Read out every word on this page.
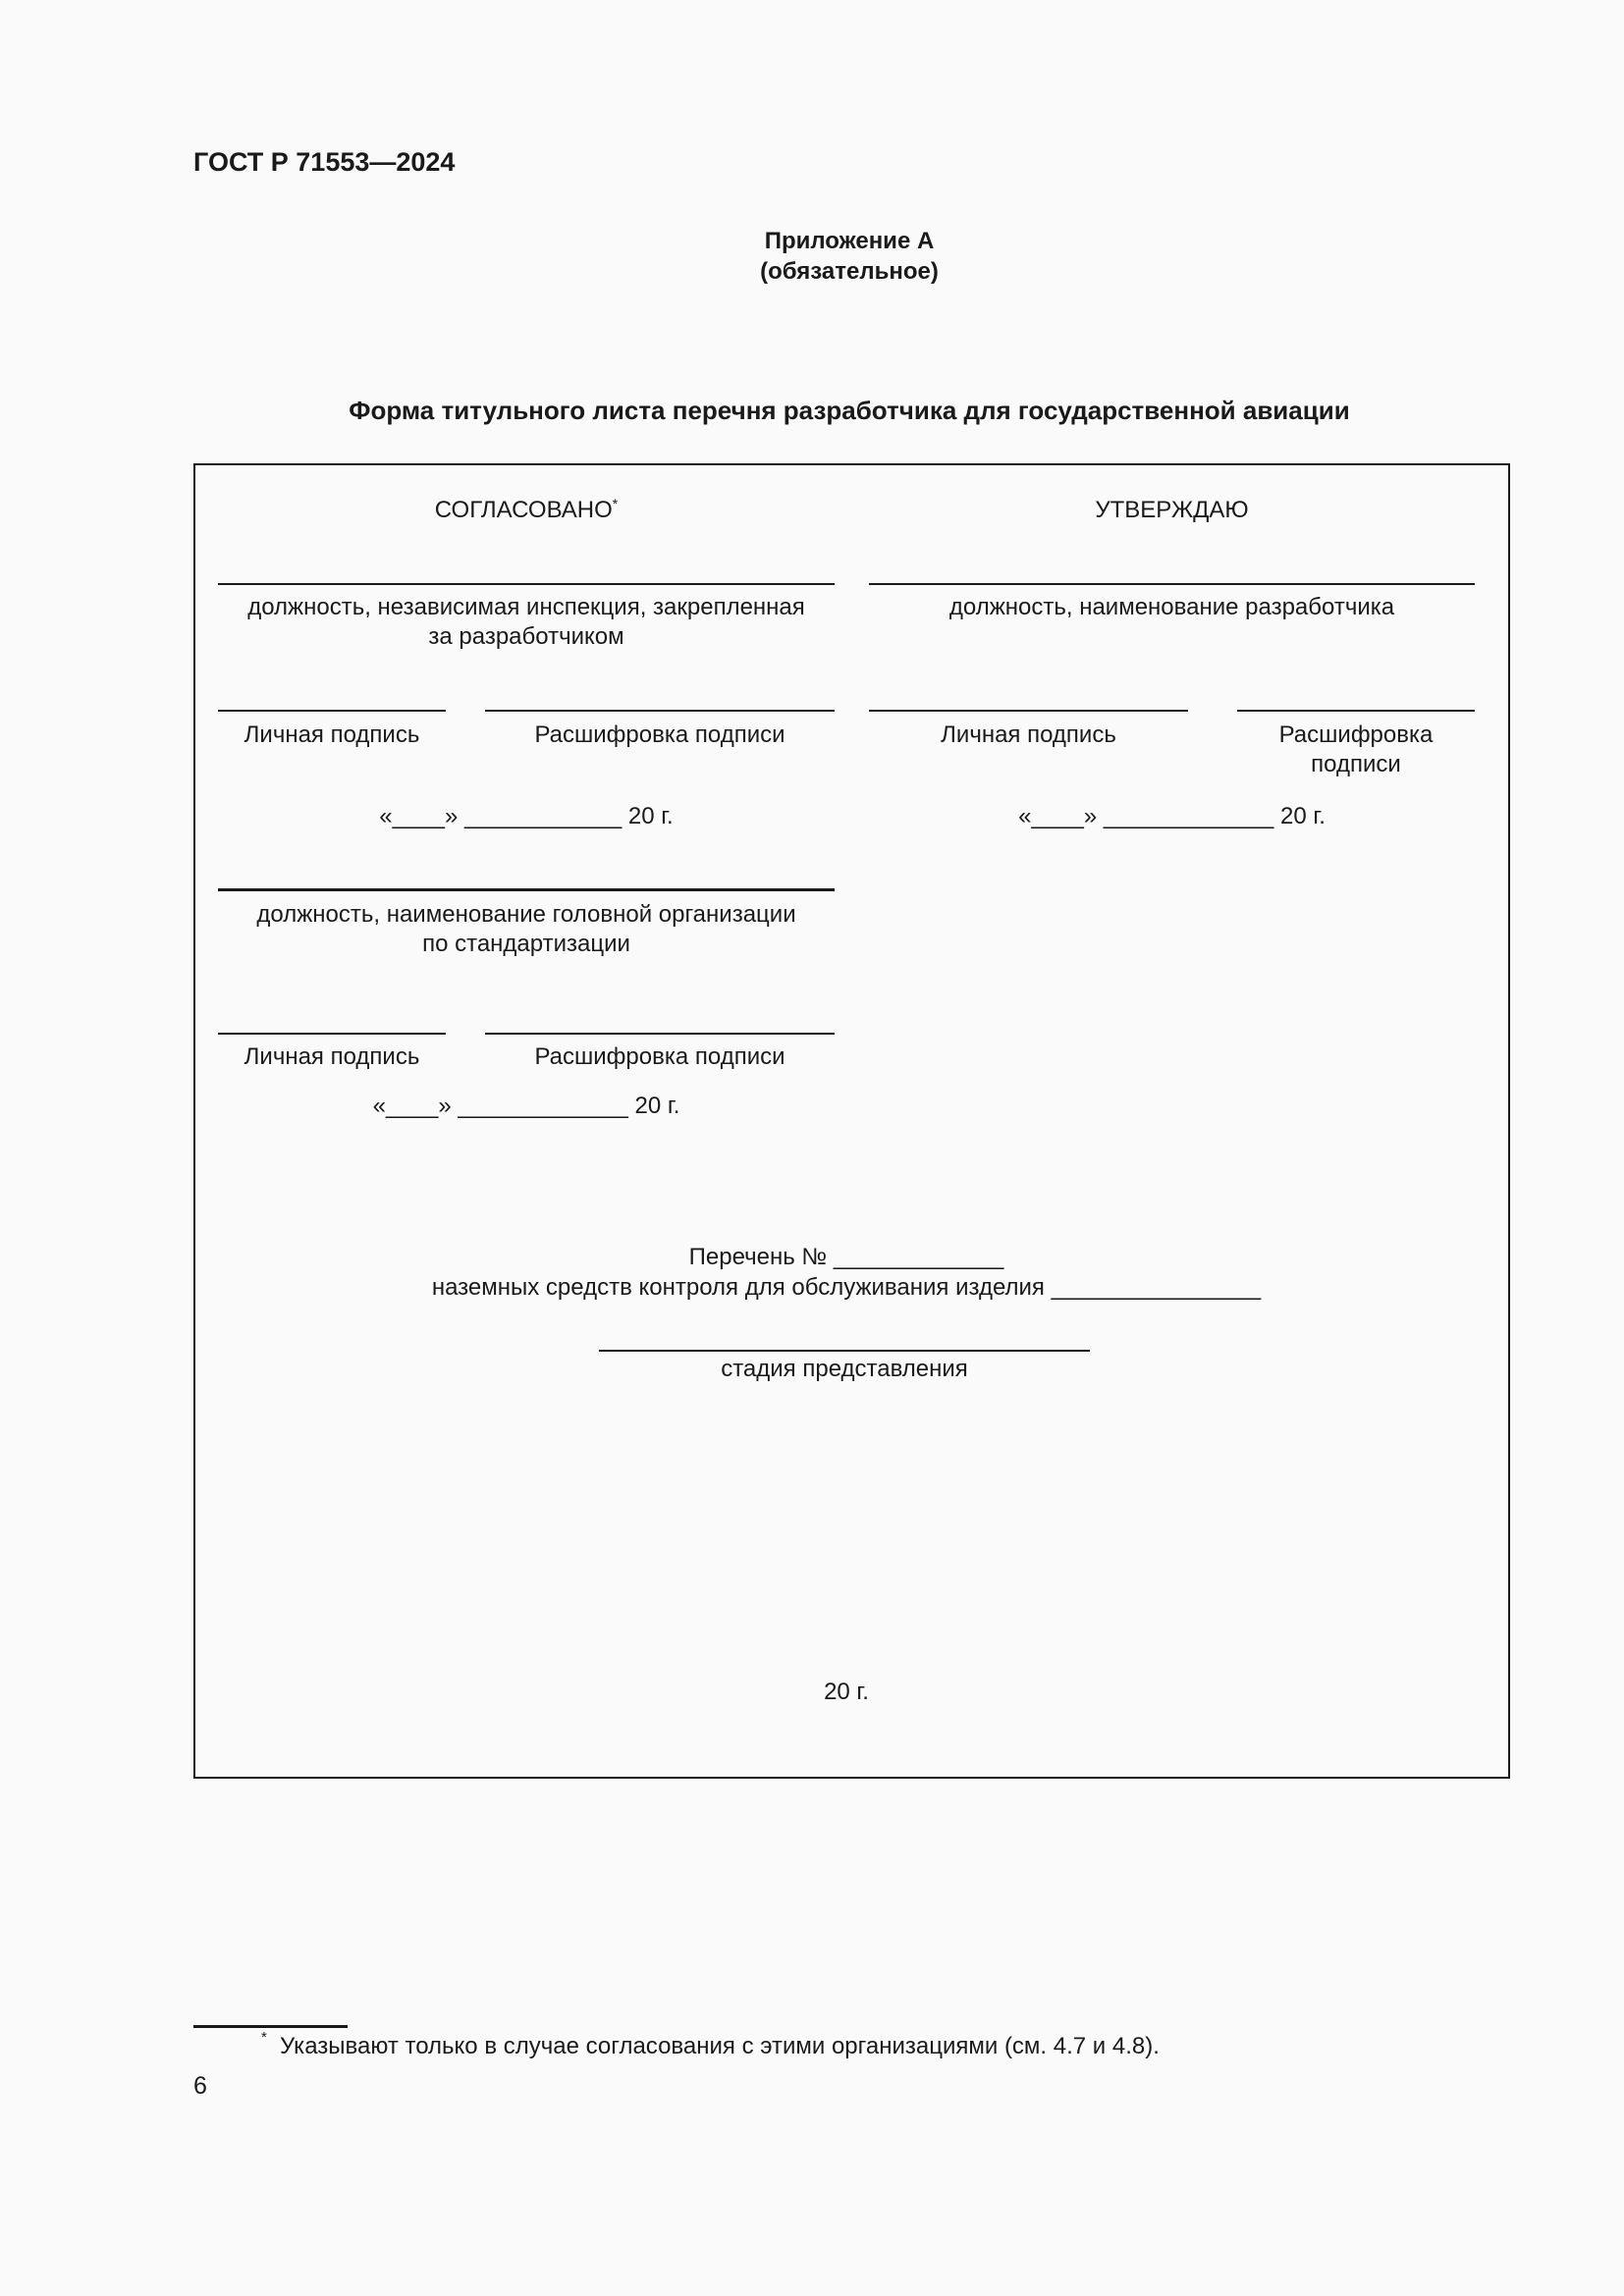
ГОСТ Р 71553—2024
Приложение А
(обязательное)
Форма титульного листа перечня разработчика для государственной авиации
СОГЛАСОВАНО*
должность, независимая инспекция, закрепленная
за разработчиком
Личная подпись	Расшифровка подписи
«____» ____________ 20 г.
должность, наименование головной организации
по стандартизации
Личная подпись	Расшифровка подписи
«____» _____________ 20 г.
УТВЕРЖДАЮ
должность, наименование разработчика
Личная подпись	Расшифровка
подписи
«____» _____________ 20 г.
Перечень № _____________
наземных средств контроля для обслуживания изделия ________________
стадия представления
20 г.
* Указывают только в случае согласования с этими организациями (см. 4.7 и 4.8).
6
